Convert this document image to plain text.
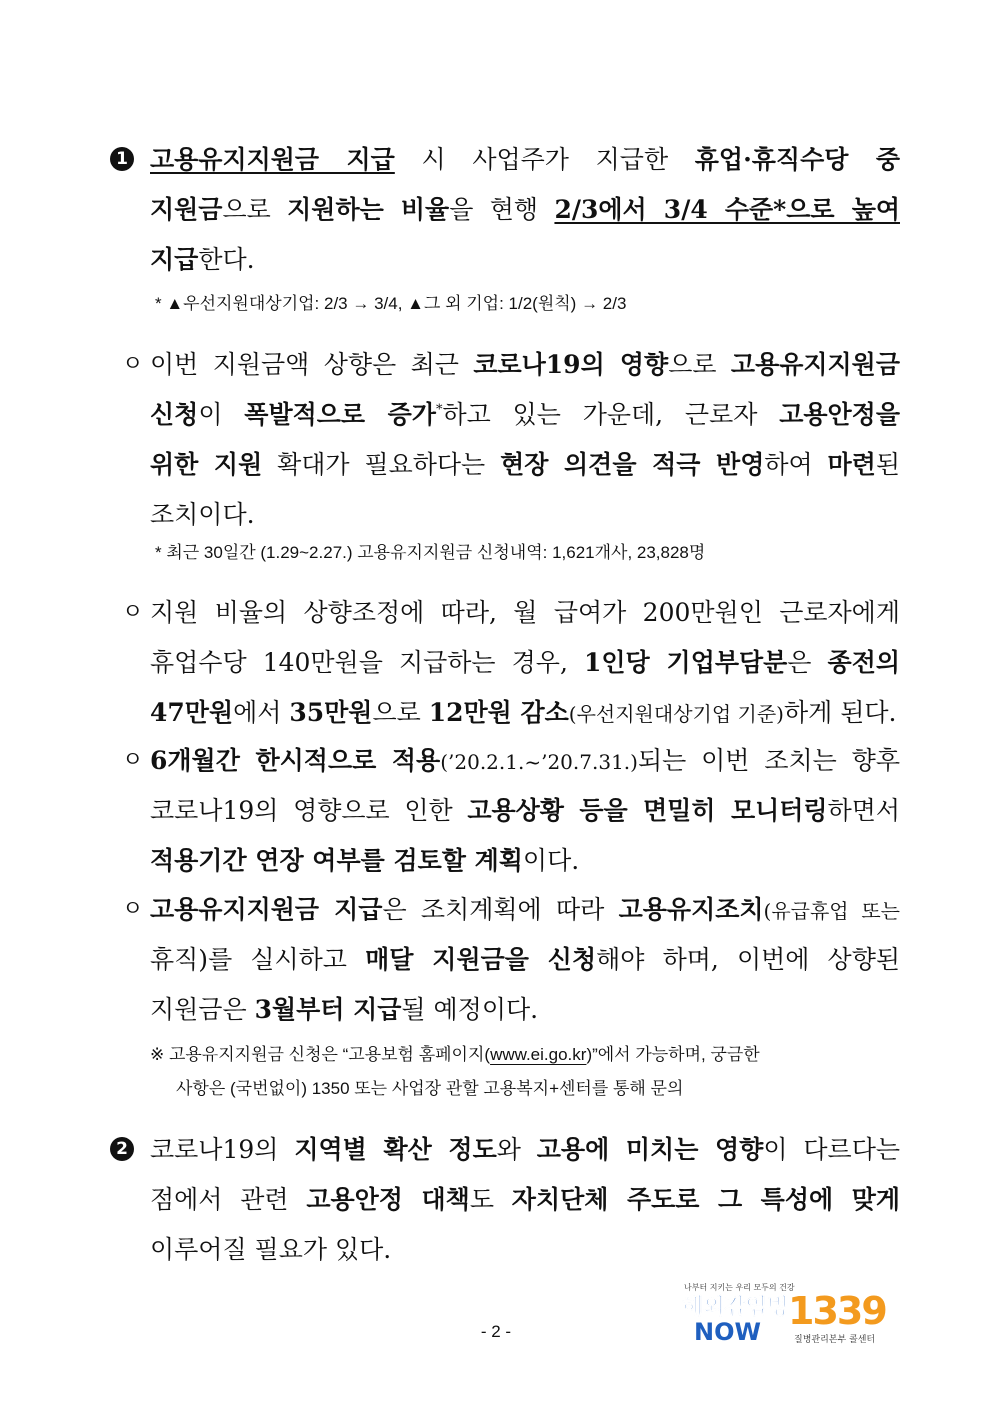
1 고용유지지원금 지급 시 사업주가 지급한 휴업·휴직수당 중
지원금으로 지원하는 비율을 현행 2/3에서 3/4 수준*으로 높여
지급한다.
* ▲우선지원대상기업: 2/3 → 3/4, ▲그 외 기업: 1/2(원칙) → 2/3
ㅇ 이번 지원금액 상향은 최근 코로나19의 영향으로 고용유지지원금
신청이 폭발적으로 증가*하고 있는 가운데, 근로자 고용안정을
위한 지원 확대가 필요하다는 현장 의견을 적극 반영하여 마련된
조치이다.
* 최근 30일간 (1.29~2.27.) 고용유지지원금 신청내역: 1,621개사, 23,828명
ㅇ 지원 비율의 상향조정에 따라, 월 급여가 200만원인 근로자에게
휴업수당 140만원을 지급하는 경우, 1인당 기업부담분은 종전의
47만원에서 35만원으로 12만원 감소(우선지원대상기업 기준)하게 된다.
ㅇ 6개월간 한시적으로 적용(’20.2.1.~’20.7.31.)되는 이번 조치는 향후
코로나19의 영향으로 인한 고용상황 등을 면밀히 모니터링하면서
적용기간 연장 여부를 검토할 계획이다.
ㅇ 고용유지지원금 지급은 조치계획에 따라 고용유지조치(유급휴업 또는
휴직)를 실시하고 매달 지원금을 신청해야 하며, 이번에 상향된
지원금은 3월부터 지급될 예정이다.
※ 고용유지지원금 신청은 “고용보험 홈페이지(www.ei.go.kr)”에서 가능하며, 궁금한
사항은 (국번없이) 1350 또는 사업장 관할 고용복지+센터를 통해 문의
2 코로나19의 지역별 확산 정도와 고용에 미치는 영향이 다르다는
점에서 관련 고용안정 대책도 자치단체 주도로 그 특성에 맞게
이루어질 필요가 있다.
- 2 -
나부터 지키는 우리 모두의 건강
해외감염병
NOW 1339
질병관리본부 콜센터
